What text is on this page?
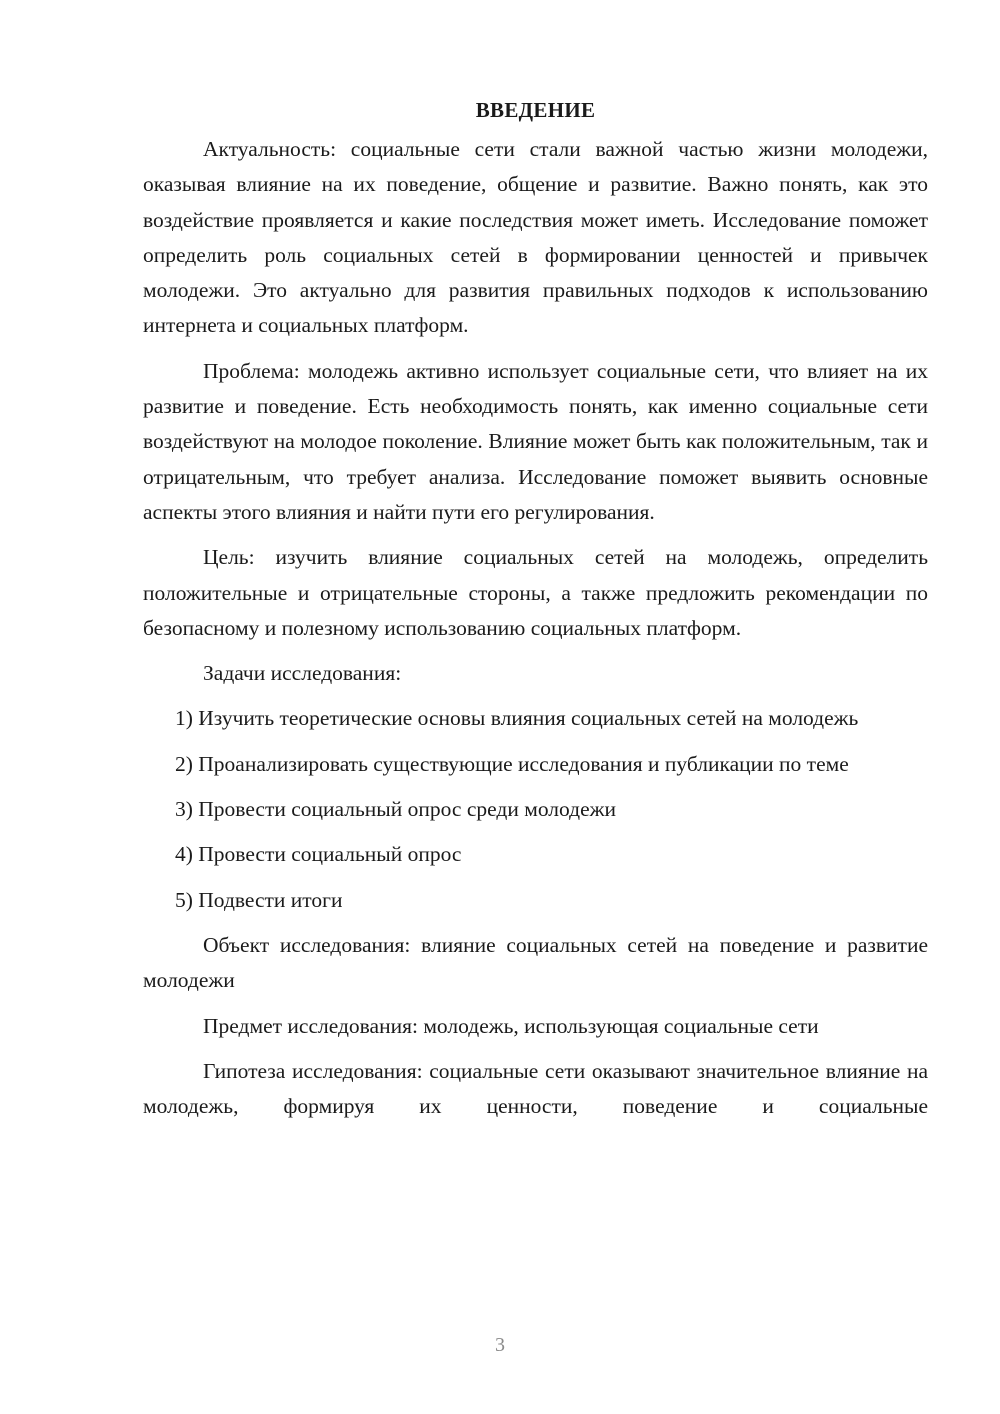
ВВЕДЕНИЕ

Актуальность: социальные сети стали важной частью жизни молодежи, оказывая влияние на их поведение, общение и развитие. Важно понять, как это воздействие проявляется и какие последствия может иметь. Исследование поможет определить роль социальных сетей в формировании ценностей и привычек молодежи. Это актуально для развития правильных подходов к использованию интернета и социальных платформ.

Проблема: молодежь активно использует социальные сети, что влияет на их развитие и поведение. Есть необходимость понять, как именно социальные сети воздействуют на молодое поколение. Влияние может быть как положительным, так и отрицательным, что требует анализа. Исследование поможет выявить основные аспекты этого влияния и найти пути его регулирования.

Цель: изучить влияние социальных сетей на молодежь, определить положительные и отрицательные стороны, а также предложить рекомендации по безопасному и полезному использованию социальных платформ.

Задачи исследования:

1) Изучить теоретические основы влияния социальных сетей на молодежь

2) Проанализировать существующие исследования и публикации по теме

3) Провести социальный опрос среди молодежи

4) Провести социальный опрос

5) Подвести итоги

Объект исследования: влияние социальных сетей на поведение и развитие молодежи

Предмет исследования: молодежь, использующая социальные сети

Гипотеза исследования: социальные сети оказывают значительное влияние на молодежь, формируя их ценности, поведение и социальные

3
